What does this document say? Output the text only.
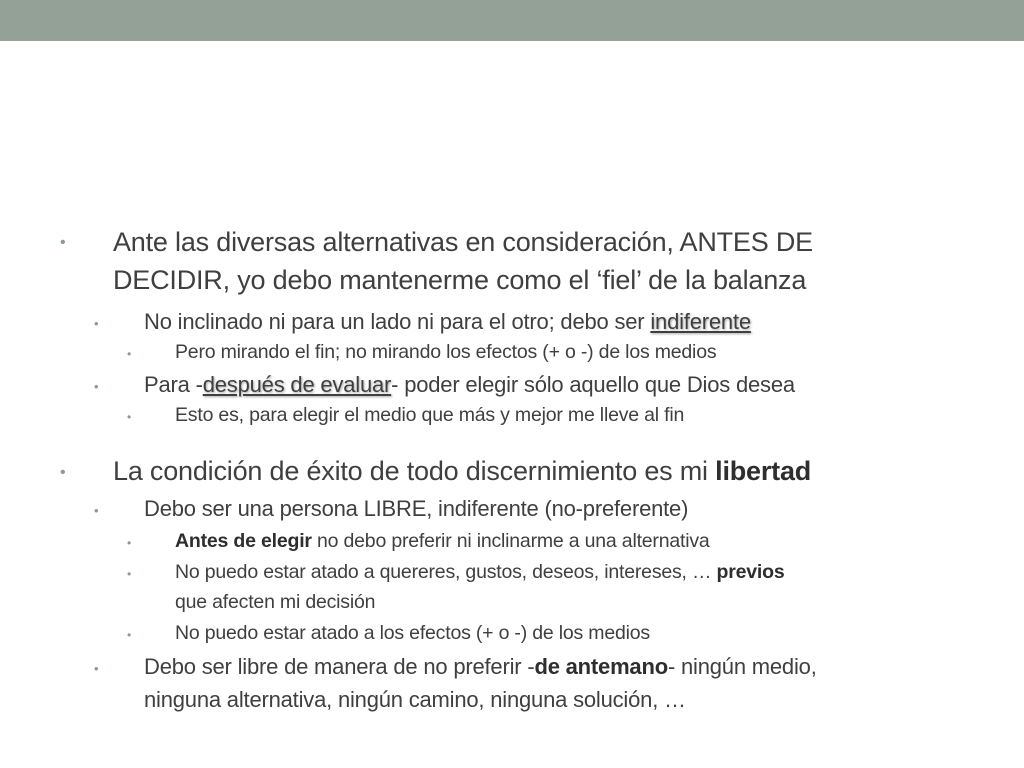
• Ante las diversas alternativas en consideración, ANTES DE
DECIDIR, yo debo mantenerme como el ‘fiel’ de la balanza
• No inclinado ni para un lado ni para el otro; debo ser indiferente
• Pero mirando el fin; no mirando los efectos (+ o -) de los medios
• Para -después de evaluar- poder elegir sólo aquello que Dios desea
• Esto es, para elegir el medio que más y mejor me lleve al fin
• La condición de éxito de todo discernimiento es mi libertad
• Debo ser una persona LIBRE, indiferente (no-preferente)
• Antes de elegir no debo preferir ni inclinarme a una alternativa
• No puedo estar atado a quereres, gustos, deseos, intereses, … previos
que afecten mi decisión
• No puedo estar atado a los efectos (+ o -) de los medios
• Debo ser libre de manera de no preferir -de antemano- ningún medio,
ninguna alternativa, ningún camino, ninguna solución, …
